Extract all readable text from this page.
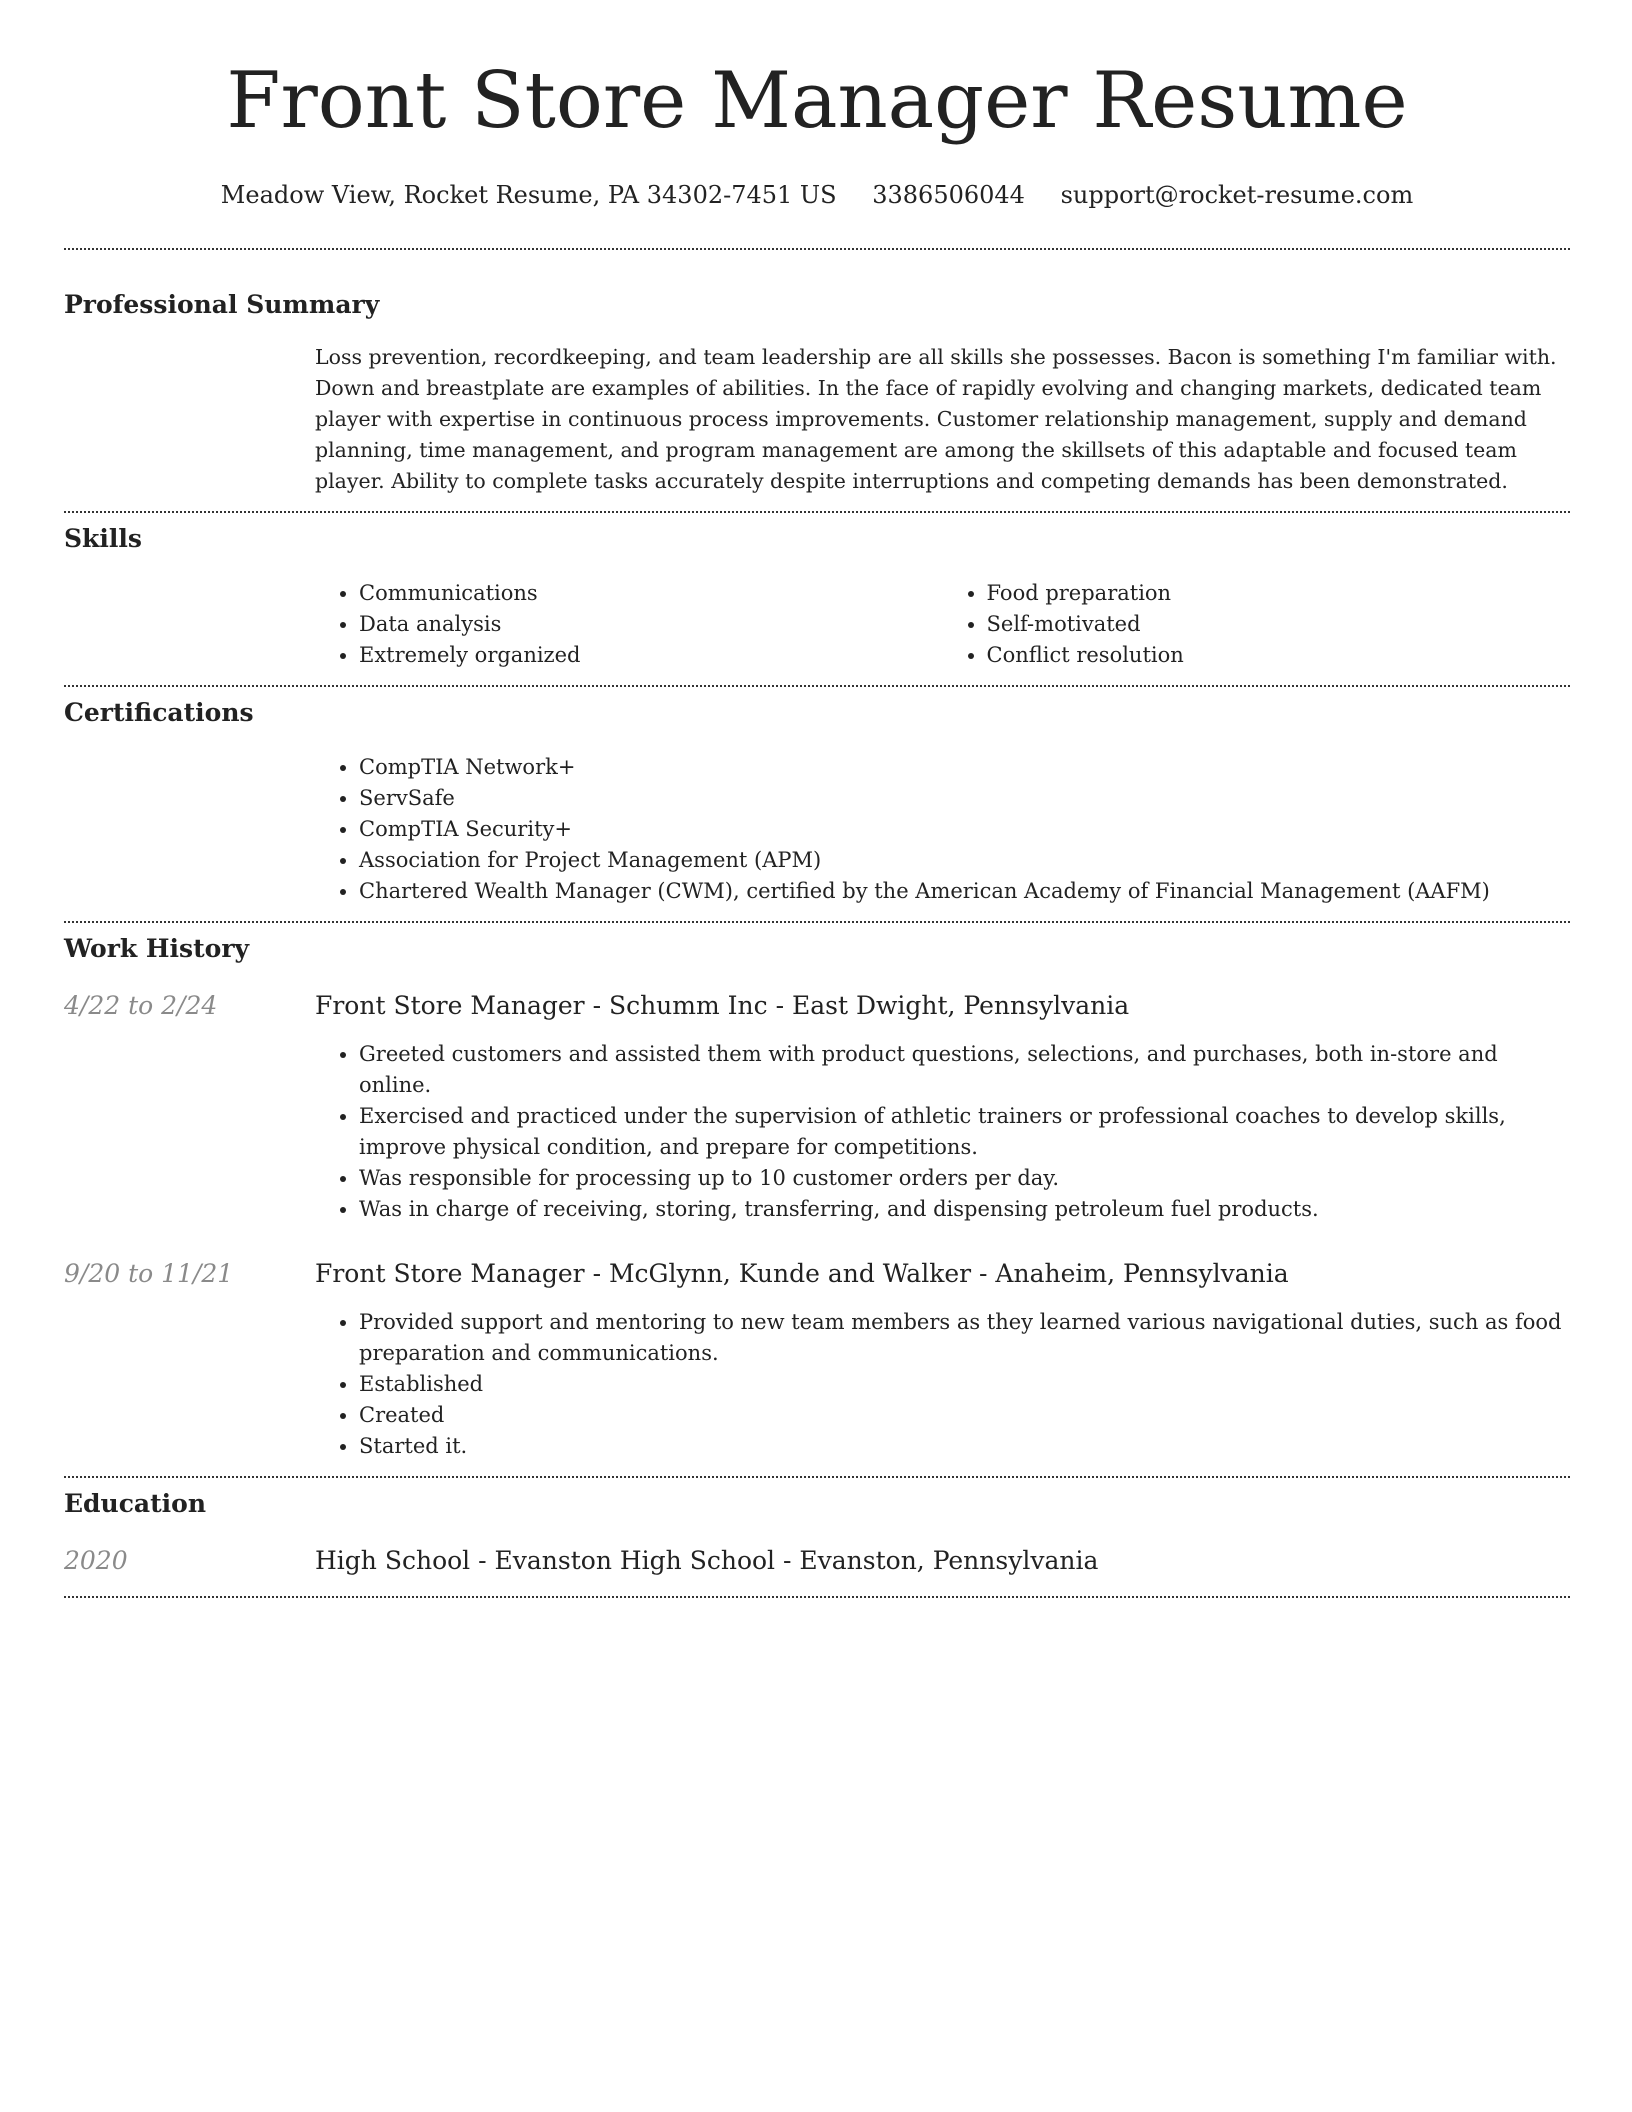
Front Store Manager Resume
Meadow View, Rocket Resume, PA 34302-7451 US 3386506044 support@rocket-resume.com
Professional Summary

Loss prevention, recordkeeping, and team leadership are all skills she possesses. Bacon is something I'm familiar with. Down and breastplate are examples of abilities. In the face of rapidly evolving and changing markets, dedicated team player with expertise in continuous process improvements. Customer relationship management, supply and demand planning, time management, and program management are among the skillsets of this adaptable and focused team player. Ability to complete tasks accurately despite interruptions and competing demands has been demonstrated.

Skills
• Communications
• Data analysis
• Extremely organized
• Food preparation
• Self-motivated
• Conflict resolution
Certifications
• CompTIA Network+
• ServSafe
• CompTIA Security+
• Association for Project Management (APM)
• Chartered Wealth Manager (CWM), certified by the American Academy of Financial Management (AAFM)
Work History
4/22 to 2/24	Front Store Manager - Schumm Inc - East Dwight, Pennsylvania
• Greeted customers and assisted them with product questions, selections, and purchases, both in-store and online.
• Exercised and practiced under the supervision of athletic trainers or professional coaches to develop skills, improve physical condition, and prepare for competitions.
• Was responsible for processing up to 10 customer orders per day.
• Was in charge of receiving, storing, transferring, and dispensing petroleum fuel products.
9/20 to 11/21	Front Store Manager - McGlynn, Kunde and Walker - Anaheim, Pennsylvania
• Provided support and mentoring to new team members as they learned various navigational duties, such as food preparation and communications.
• Established
• Created
• Started it.
Education
2020	High School - Evanston High School - Evanston, Pennsylvania
